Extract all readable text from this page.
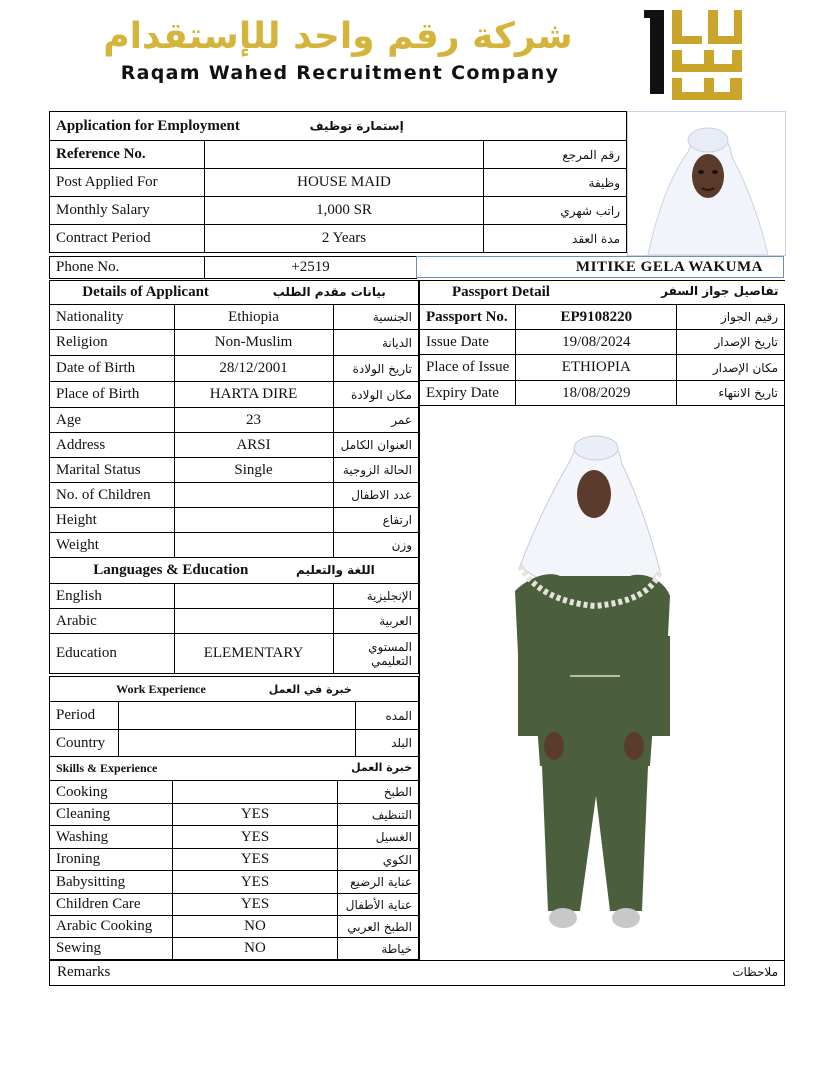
شركة رقم واحد للإستقدام
Raqam Wahed Recruitment Company
Application for Employment إستمارة توظيف		
Reference No.		رقم المرجع
Post Applied For	HOUSE MAID	وظيفة
Monthly Salary	1,000 SR	راتب شهري
Contract Period	2 Years	مدة العقد
Phone No.	+2519	MITIKE GELA WAKUMA
Details of Applicant بيانات مقدم الطلب		
Nationality	Ethiopia	الجنسية
Religion	Non-Muslim	الديانة
Date of Birth	28/12/2001	تاريخ الولادة
Place of Birth	HARTA DIRE	مكان الولادة
Age	23	عمر
Address	ARSI	العنوان الكامل
Marital Status	Single	الحالة الزوجية
No. of Children		عدد الاطفال
Height		ارتفاع
Weight		وزن
Languages & Education اللغة والتعليم		
English		الإنجليزية
Arabic		العربية
Education	ELEMENTARY	المستوي التعليمي
Work Experience خبرة في العمل		
Period		المده
Country		البلد
Skills & Experience خبرة العمل		

Cooking		الطبخ
Cleaning	YES	التنظيف
Washing	YES	الغسيل
Ironing	YES	الكوي
Babysitting	YES	عناية الرضيع
Children Care	YES	عناية الأطفال
Arabic Cooking	NO	الطبخ العربي
Sewing	NO	خياطة
Passport Detail تفاصيل جواز السفر		

Passport No.	EP9108220	رقيم الجواز
Issue Date	19/08/2024	تاريخ الإصدار
Place of Issue	ETHIOPIA	مكان الإصدار
Expiry Date	18/08/2029	تاريخ الانتهاء
Remarks	ملاحظات
